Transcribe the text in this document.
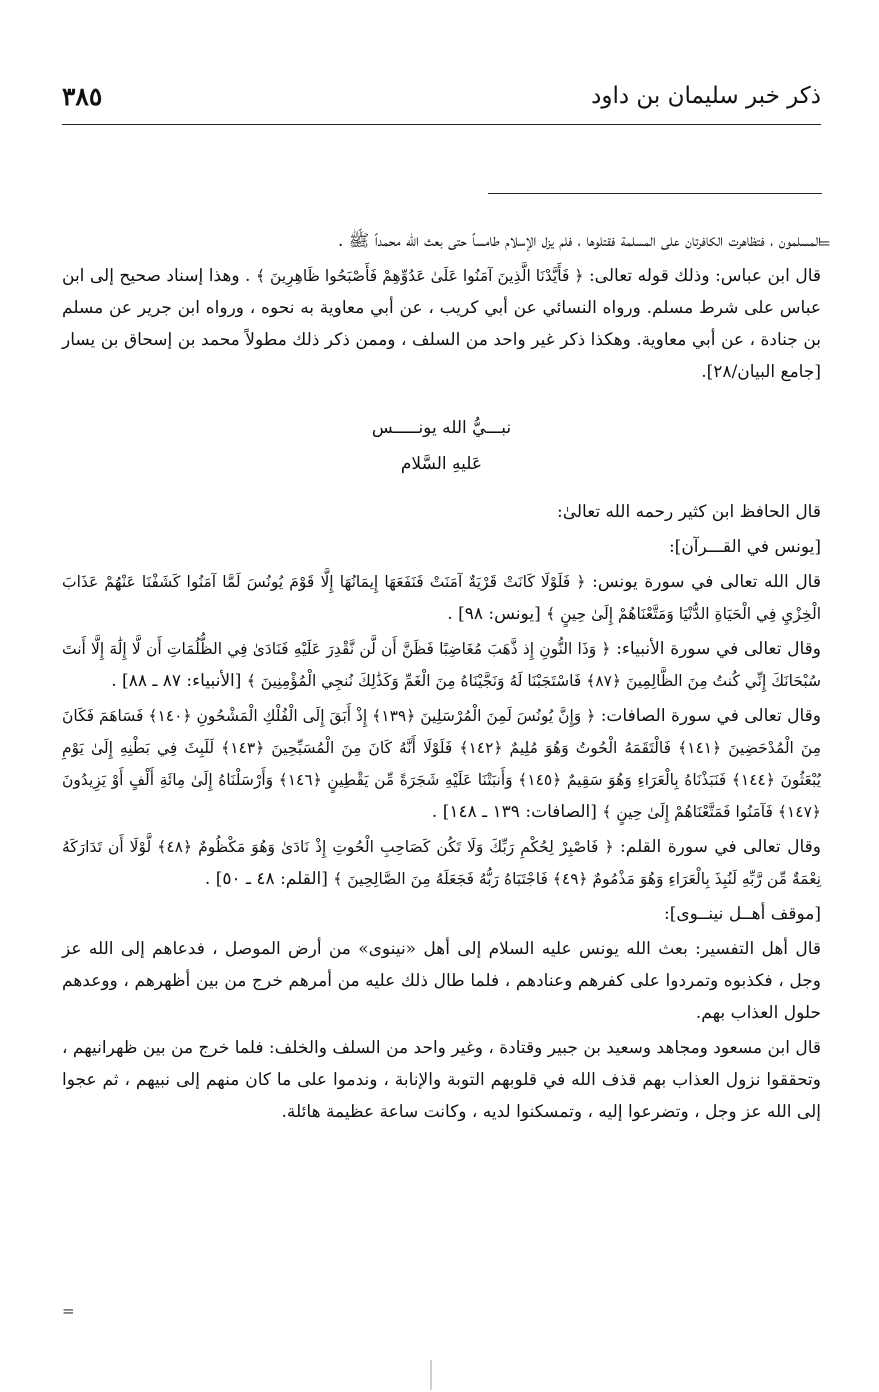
٣٨٥	ذكر خبر سليمان بن داود
=
=

المسلمون ، فتظاهرت الكافرتان على المسلمة فقتلوها ، فلم يزل الإسلام طامساً حتى بعث الله محمداً ﷺ .

قال ابن عباس: وذلك قوله تعالى: ﴿ فَأَيَّدْنَا الَّذِينَ آمَنُوا عَلَىٰ عَدُوِّهِمْ فَأَصْبَحُوا ظَاهِرِينَ ﴾ . وهذا إسناد صحيح إلى ابن عباس على شرط مسلم. ورواه النسائي عن أبي كريب ، عن أبي معاوية به نحوه ، ورواه ابن جرير عن مسلم بن جنادة ، عن أبي معاوية. وهكذا ذكر غير واحد من السلف ، وممن ذكر ذلك مطولاً محمد بن إسحاق بن يسار [جامع البيان/٢٨].

نبـــيُّ الله يونـــــس
عَليهِ السَّلام

قال الحافظ ابن كثير رحمه الله تعالىٰ:

[يونس في القـــرآن]:

قال الله تعالى في سورة يونس: ﴿ فَلَوْلَا كَانَتْ قَرْيَةٌ آمَنَتْ فَنَفَعَهَا إِيمَانُهَا إِلَّا قَوْمَ يُونُسَ لَمَّا آمَنُوا كَشَفْنَا عَنْهُمْ عَذَابَ الْخِزْيِ فِي الْحَيَاةِ الدُّنْيَا وَمَتَّعْنَاهُمْ إِلَىٰ حِينٍ ﴾ [يونس: ٩٨] .

وقال تعالى في سورة الأنبياء: ﴿ وَذَا النُّونِ إِذ ذَّهَبَ مُغَاضِبًا فَظَنَّ أَن لَّن نَّقْدِرَ عَلَيْهِ فَنَادَىٰ فِي الظُّلُمَاتِ أَن لَّا إِلَٰهَ إِلَّا أَنتَ سُبْحَانَكَ إِنِّي كُنتُ مِنَ الظَّالِمِينَ ﴿٨٧﴾ فَاسْتَجَبْنَا لَهُ وَنَجَّيْنَاهُ مِنَ الْغَمِّ وَكَذَٰلِكَ نُنجِي الْمُؤْمِنِينَ ﴾ [الأنبياء: ٨٧ ـ ٨٨] .

وقال تعالى في سورة الصافات: ﴿ وَإِنَّ يُونُسَ لَمِنَ الْمُرْسَلِينَ ﴿١٣٩﴾ إِذْ أَبَقَ إِلَى الْفُلْكِ الْمَشْحُونِ ﴿١٤٠﴾ فَسَاهَمَ فَكَانَ مِنَ الْمُدْحَضِينَ ﴿١٤١﴾ فَالْتَقَمَهُ الْحُوتُ وَهُوَ مُلِيمٌ ﴿١٤٢﴾ فَلَوْلَا أَنَّهُ كَانَ مِنَ الْمُسَبِّحِينَ ﴿١٤٣﴾ لَلَبِثَ فِي بَطْنِهِ إِلَىٰ يَوْمِ يُبْعَثُونَ ﴿١٤٤﴾ فَنَبَذْنَاهُ بِالْعَرَاءِ وَهُوَ سَقِيمٌ ﴿١٤٥﴾ وَأَنبَتْنَا عَلَيْهِ شَجَرَةً مِّن يَقْطِينٍ ﴿١٤٦﴾ وَأَرْسَلْنَاهُ إِلَىٰ مِائَةِ أَلْفٍ أَوْ يَزِيدُونَ ﴿١٤٧﴾ فَآمَنُوا فَمَتَّعْنَاهُمْ إِلَىٰ حِينٍ ﴾ [الصافات: ١٣٩ ـ ١٤٨] .

وقال تعالى في سورة القلم: ﴿ فَاصْبِرْ لِحُكْمِ رَبِّكَ وَلَا تَكُن كَصَاحِبِ الْحُوتِ إِذْ نَادَىٰ وَهُوَ مَكْظُومٌ ﴿٤٨﴾ لَّوْلَا أَن تَدَارَكَهُ نِعْمَةٌ مِّن رَّبِّهِ لَنُبِذَ بِالْعَرَاءِ وَهُوَ مَذْمُومٌ ﴿٤٩﴾ فَاجْتَبَاهُ رَبُّهُ فَجَعَلَهُ مِنَ الصَّالِحِينَ ﴾ [القلم: ٤٨ ـ ٥٠] .

[موقف أهــل نينــوى]:

قال أهل التفسير: بعث الله يونس عليه السلام إلى أهل «نينوى» من أرض الموصل ، فدعاهم إلى الله عز وجل ، فكذبوه وتمردوا على كفرهم وعنادهم ، فلما طال ذلك عليه من أمرهم خرج من بين أظهرهم ، ووعدهم حلول العذاب بهم.

قال ابن مسعود ومجاهد وسعيد بن جبير وقتادة ، وغير واحد من السلف والخلف: فلما خرج من بين ظهرانيهم ، وتحققوا نزول العذاب بهم قذف الله في قلوبهم التوبة والإنابة ، وندموا على ما كان منهم إلى نبيهم ، ثم عجوا إلى الله عز وجل ، وتضرعوا إليه ، وتمسكنوا لديه ، وكانت ساعة عظيمة هائلة.
